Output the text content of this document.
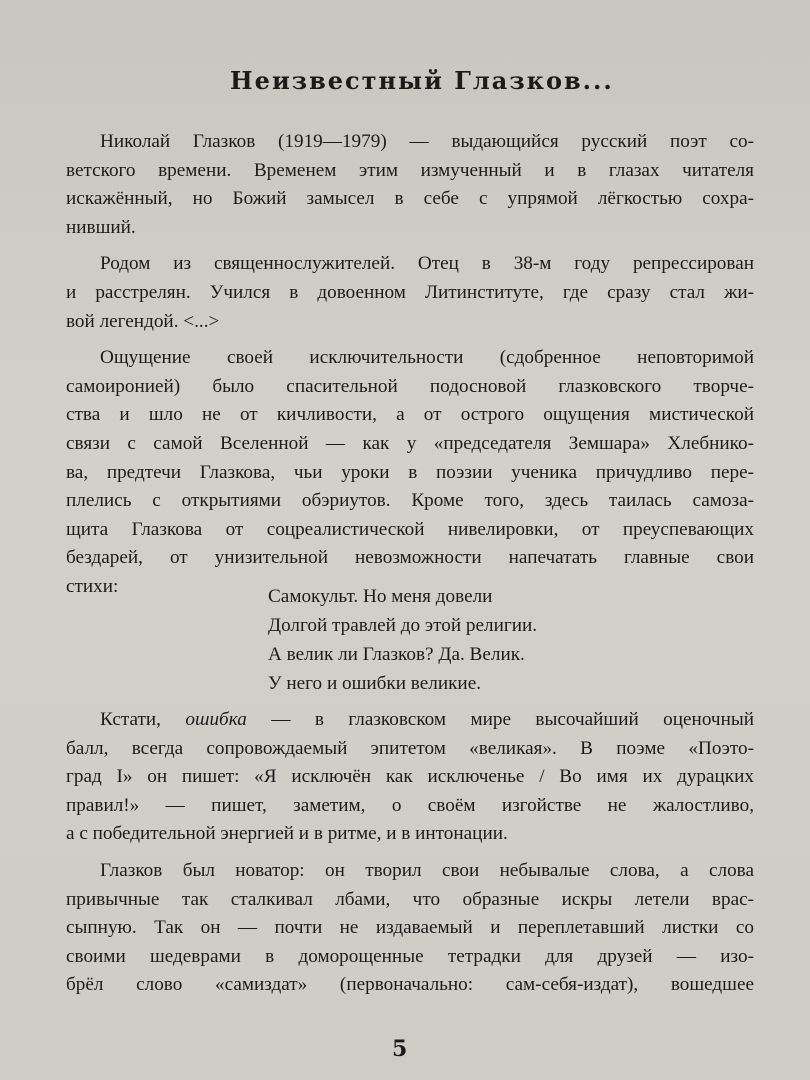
Неизвестный Глазков...
Николай Глазков (1919—1979) — выдающийся русский поэт со-
ветского времени. Временем этим измученный и в глазах читателя
искажённый, но Божий замысел в себе с упрямой лёгкостью сохра-
нивший.
Родом из священнослужителей. Отец в 38-м году репрессирован
и расстрелян. Учился в довоенном Литинституте, где сразу стал жи-
вой легендой. <...>
Ощущение своей исключительности (сдобренное неповторимой
самоиронией) было спасительной подосновой глазковского творче-
ства и шло не от кичливости, а от острого ощущения мистической
связи с самой Вселенной — как у «председателя Земшара» Хлебнико-
ва, предтечи Глазкова, чьи уроки в поэзии ученика причудливо пере-
плелись с открытиями обэриутов. Кроме того, здесь таилась самоза-
щита Глазкова от соцреалистической нивелировки, от преуспевающих
бездарей, от унизительной невозможности напечатать главные свои
стихи:	Самокульт. Но меня довели
Долгой травлей до этой религии.
А велик ли Глазков? Да. Велик.
У него и ошибки великие.
Кстати, ошибка — в глазковском мире высочайший оценочный
балл, всегда сопровождаемый эпитетом «великая». В поэме «Поэто-
град I» он пишет: «Я исключён как исключенье / Во имя их дурацких
правил!» — пишет, заметим, о своём изгойстве не жалостливо,
а с победительной энергией и в ритме, и в интонации.
Глазков был новатор: он творил свои небывалые слова, а слова
привычные так сталкивал лбами, что образные искры летели врас-
сыпную. Так он — почти не издаваемый и переплетавший листки со
своими шедеврами в доморощенные тетрадки для друзей — изо-
брёл слово «самиздат» (первоначально: сам-себя-издат), вошедшее
5
